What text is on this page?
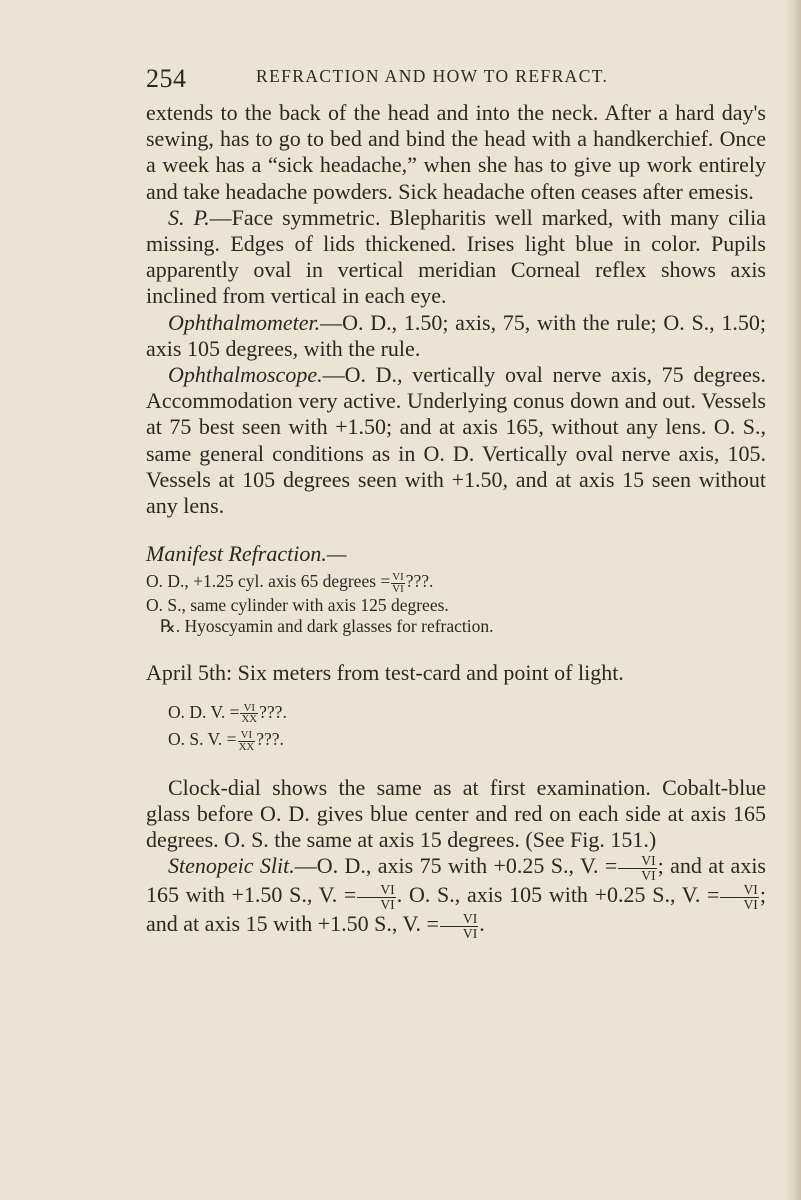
254	REFRACTION AND HOW TO REFRACT.

extends to the back of the head and into the neck. After a hard day's sewing, has to go to bed and bind the head with a handkerchief. Once a week has a “sick headache,” when she has to give up work entirely and take headache powders. Sick headache often ceases after emesis.

S. P.—Face symmetric. Blepharitis well marked, with many cilia missing. Edges of lids thickened. Irises light blue in color. Pupils apparently oval in vertical meridian Corneal reflex shows axis inclined from vertical in each eye.

Ophthalmometer.—O. D., 1.50; axis, 75, with the rule; O. S., 1.50; axis 105 degrees, with the rule.

Ophthalmoscope.—O. D., vertically oval nerve axis, 75 degrees. Accommodation very active. Underlying conus down and out. Vessels at 75 best seen with +1.50; and at axis 165, without any lens. O. S., same general conditions as in O. D. Vertically oval nerve axis, 105. Vessels at 105 degrees seen with +1.50, and at axis 15 seen without any lens.

Manifest Refraction.—

O. D., +1.25 cyl. axis 65 degrees = $\frac{VI}{VI}$ ???.

O. S., same cylinder with axis 125 degrees.

℞. Hyoscyamin and dark glasses for refraction.

April 5th: Six meters from test-card and point of light.

O. D. V. = $\frac{VI}{XX}$ ???.

O. S. V. = $\frac{VI}{XX}$ ???.

Clock-dial shows the same as at first examination. Cobalt-blue glass before O. D. gives blue center and red on each side at axis 165 degrees. O. S. the same at axis 15 degrees. (See Fig. 151.)

Stenopeic Slit.—O. D., axis 75 with +0.25 S., V. = $\frac{VI}{VI}$ ; and at axis 165 with +1.50 S., V. = $\frac{VI}{VI}$ . O. S., axis 105 with +0.25 S., V. = $\frac{VI}{VI}$ ; and at axis 15 with +1.50 S., V. = $\frac{VI}{VI}$ .
